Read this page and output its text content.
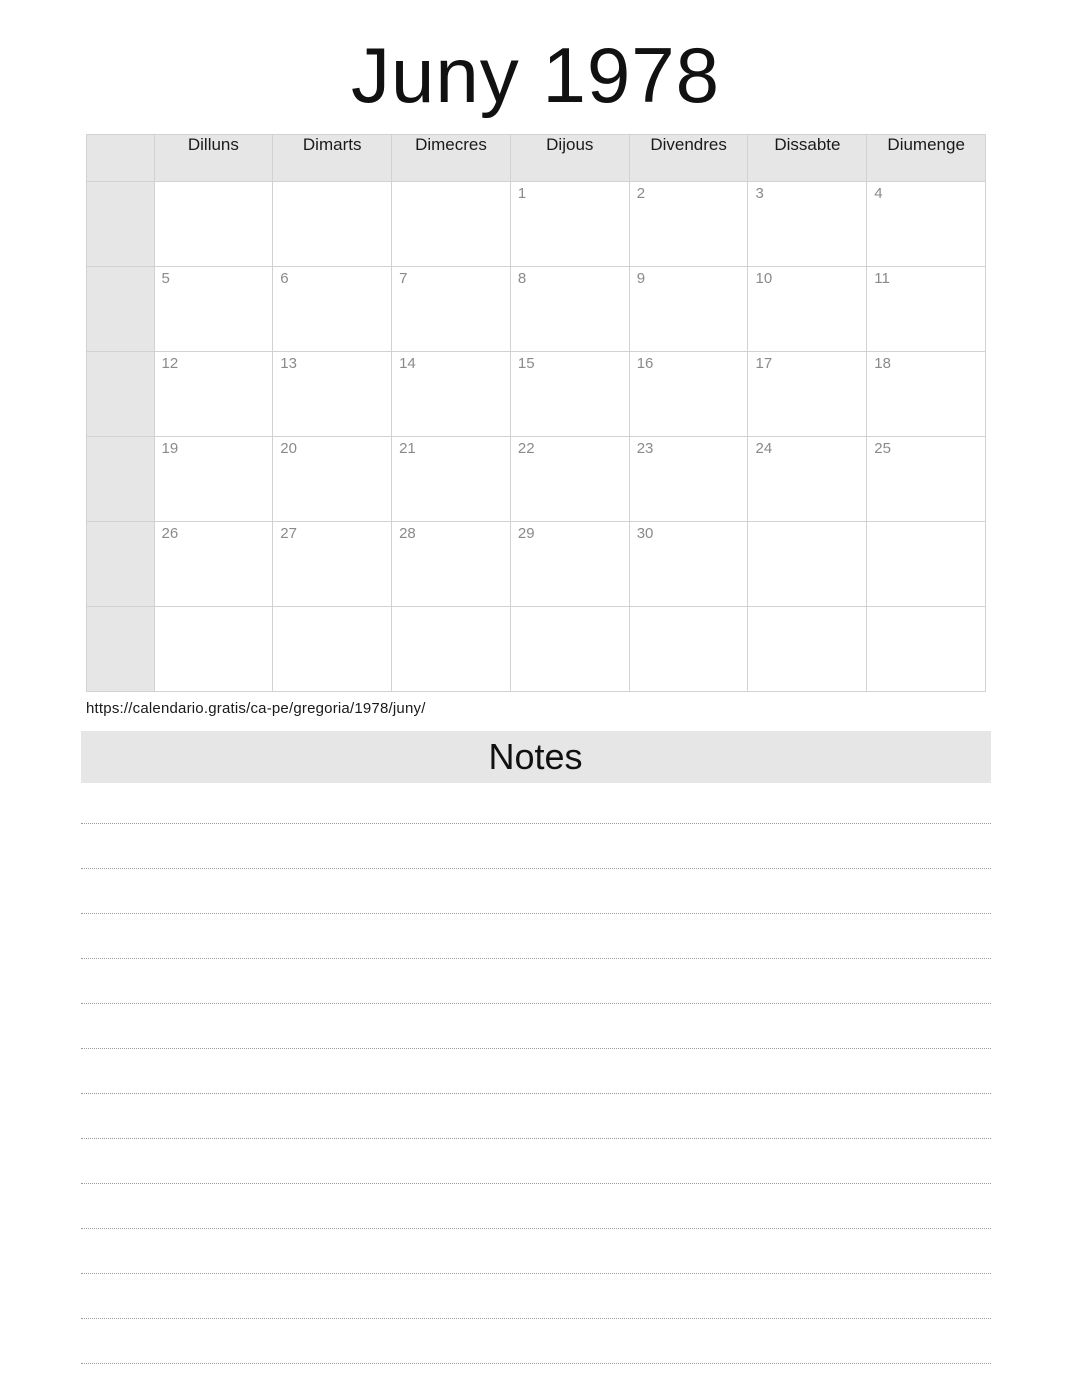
Juny 1978
	Dilluns	Dimarts	Dimecres	Dijous	Divendres	Dissabte	Diumenge

				1	2	3	4

	5	6	7	8	9	10	11

	12	13	14	15	16	17	18

	19	20	21	22	23	24	25

	26	27	28	29	30		

https://calendario.gratis/ca-pe/gregoria/1978/juny/
Notes
